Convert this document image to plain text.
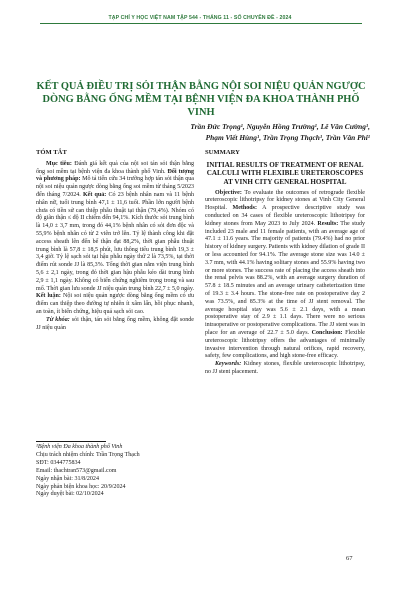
TẠP CHÍ Y HỌC VIỆT NAM TẬP 544 - THÁNG 11 - SỐ CHUYÊN ĐỀ - 2024
KẾT QUẢ ĐIỀU TRỊ SỎI THẬN BẰNG NỘI SOI NIỆU QUẢN NGƯỢC DÒNG BẰNG ỐNG MỀM TẠI BỆNH VIỆN ĐA KHOA THÀNH PHỐ VINH
Trần Đức Trọng¹, Nguyễn Hồng Trường¹, Lê Văn Cường¹,
Phạm Viết Hùng¹, Trần Trọng Thạch¹, Trần Văn Phi¹
TÓM TẮT

Mục tiêu: Đánh giá kết quả của nội soi tán sỏi thận bằng ống soi mềm tại bệnh viện đa khoa thành phố Vinh. Đối tượng và phương pháp: Mô tả tiến cứu 34 trường hợp tán sỏi thận qua nội soi niệu quản ngược dòng bằng ống soi mềm từ tháng 5/2023 đến tháng 7/2024. Kết quả: Có 23 bệnh nhân nam và 11 bệnh nhân nữ, tuổi trung bình 47,1 ± 11,6 tuổi. Phần lớn người bệnh chưa có tiền sử can thiệp phẫu thuật tại thận (79,4%). Nhóm có độ giãn thận ≤ độ II chiếm đến 94,1%. Kích thước sỏi trung bình là 14,0 ± 3,7 mm, trong đó 44,1% bệnh nhân có sỏi đơn độc và 55,9% bệnh nhân có từ 2 viên trở lên. Tỷ lệ thành công khi đặt access sheath lên đến bể thận đạt 88,2%, thời gian phẫu thuật trung bình là 57,8 ± 18,5 phút, lưu thông tiểu trung bình 19,3 ± 3,4 giờ. Tỷ lệ sạch sỏi tại hậu phẫu ngày thứ 2 là 73,5%, tại thời điểm rút sonde JJ là 85,3%. Tổng thời gian nằm viện trung bình 5,6 ± 2,1 ngày, trong đó thời gian hậu phẫu kéo dài trung bình 2,9 ± 1,1 ngày. Không có biến chứng nghiêm trọng trong và sau mổ. Thời gian lưu sonde JJ niệu quản trung bình 22,7 ± 5,0 ngày. Kết luận: Nội soi niệu quản ngược dòng bằng ống mềm có ưu điểm can thiệp theo đường tự nhiên ít xâm lấn, hồi phục nhanh, an toàn, ít biến chứng, hiệu quả sạch sỏi cao.

Từ khóa: sỏi thận, tán sỏi bằng ống mềm, không đặt sonde JJ niệu quản

SUMMARY
INITIAL RESULTS OF TREATMENT OF RENAL CALCULI WITH FLEXIBLE URETEROSCOPES AT VINH CITY GENERAL HOSPITAL

Objective: To evaluate the outcomes of retrograde flexible ureteroscopic lithotripsy for kidney stones at Vinh City General Hospital. Methods: A prospective descriptive study was conducted on 34 cases of flexible ureteroscopic lithotripsy for kidney stones from May 2023 to July 2024. Results: The study included 23 male and 11 female patients, with an average age of 47.1 ± 11.6 years. The majority of patients (79.4%) had no prior history of kidney surgery. Patients with kidney dilation of grade II or less accounted for 94.1%. The average stone size was 14.0 ± 3.7 mm, with 44.1% having solitary stones and 55.9% having two or more stones. The success rate of placing the access sheath into the renal pelvis was 88.2%, with an average surgery duration of 57.8 ± 18.5 minutes and an average urinary catheterization time of 19.3 ± 3.4 hours. The stone-free rate on postoperative day 2 was 73.5%, and 85.3% at the time of JJ stent removal. The average hospital stay was 5.6 ± 2.1 days, with a mean postoperative stay of 2.9 ± 1.1 days. There were no serious intraoperative or postoperative complications. The JJ stent was in place for an average of 22.7 ± 5.0 days. Conclusion: Flexible ureteroscopic lithotripsy offers the advantages of minimally invasive intervention through natural orifices, rapid recovery, safety, few complications, and high stone-free efficacy.

Keywords: Kidney stones, flexible ureteroscopic lithotripsy, no JJ stent placement.

¹Bệnh viện Đa khoa thành phố Vinh
Chịu trách nhiệm chính: Trần Trọng Thạch
SĐT: 0344775834
Email: thachtran573@gmail.com
Ngày nhận bài: 31/8/2024
Ngày phản biện khoa học: 20/9/2024
Ngày duyệt bài: 02/10/2024
67
